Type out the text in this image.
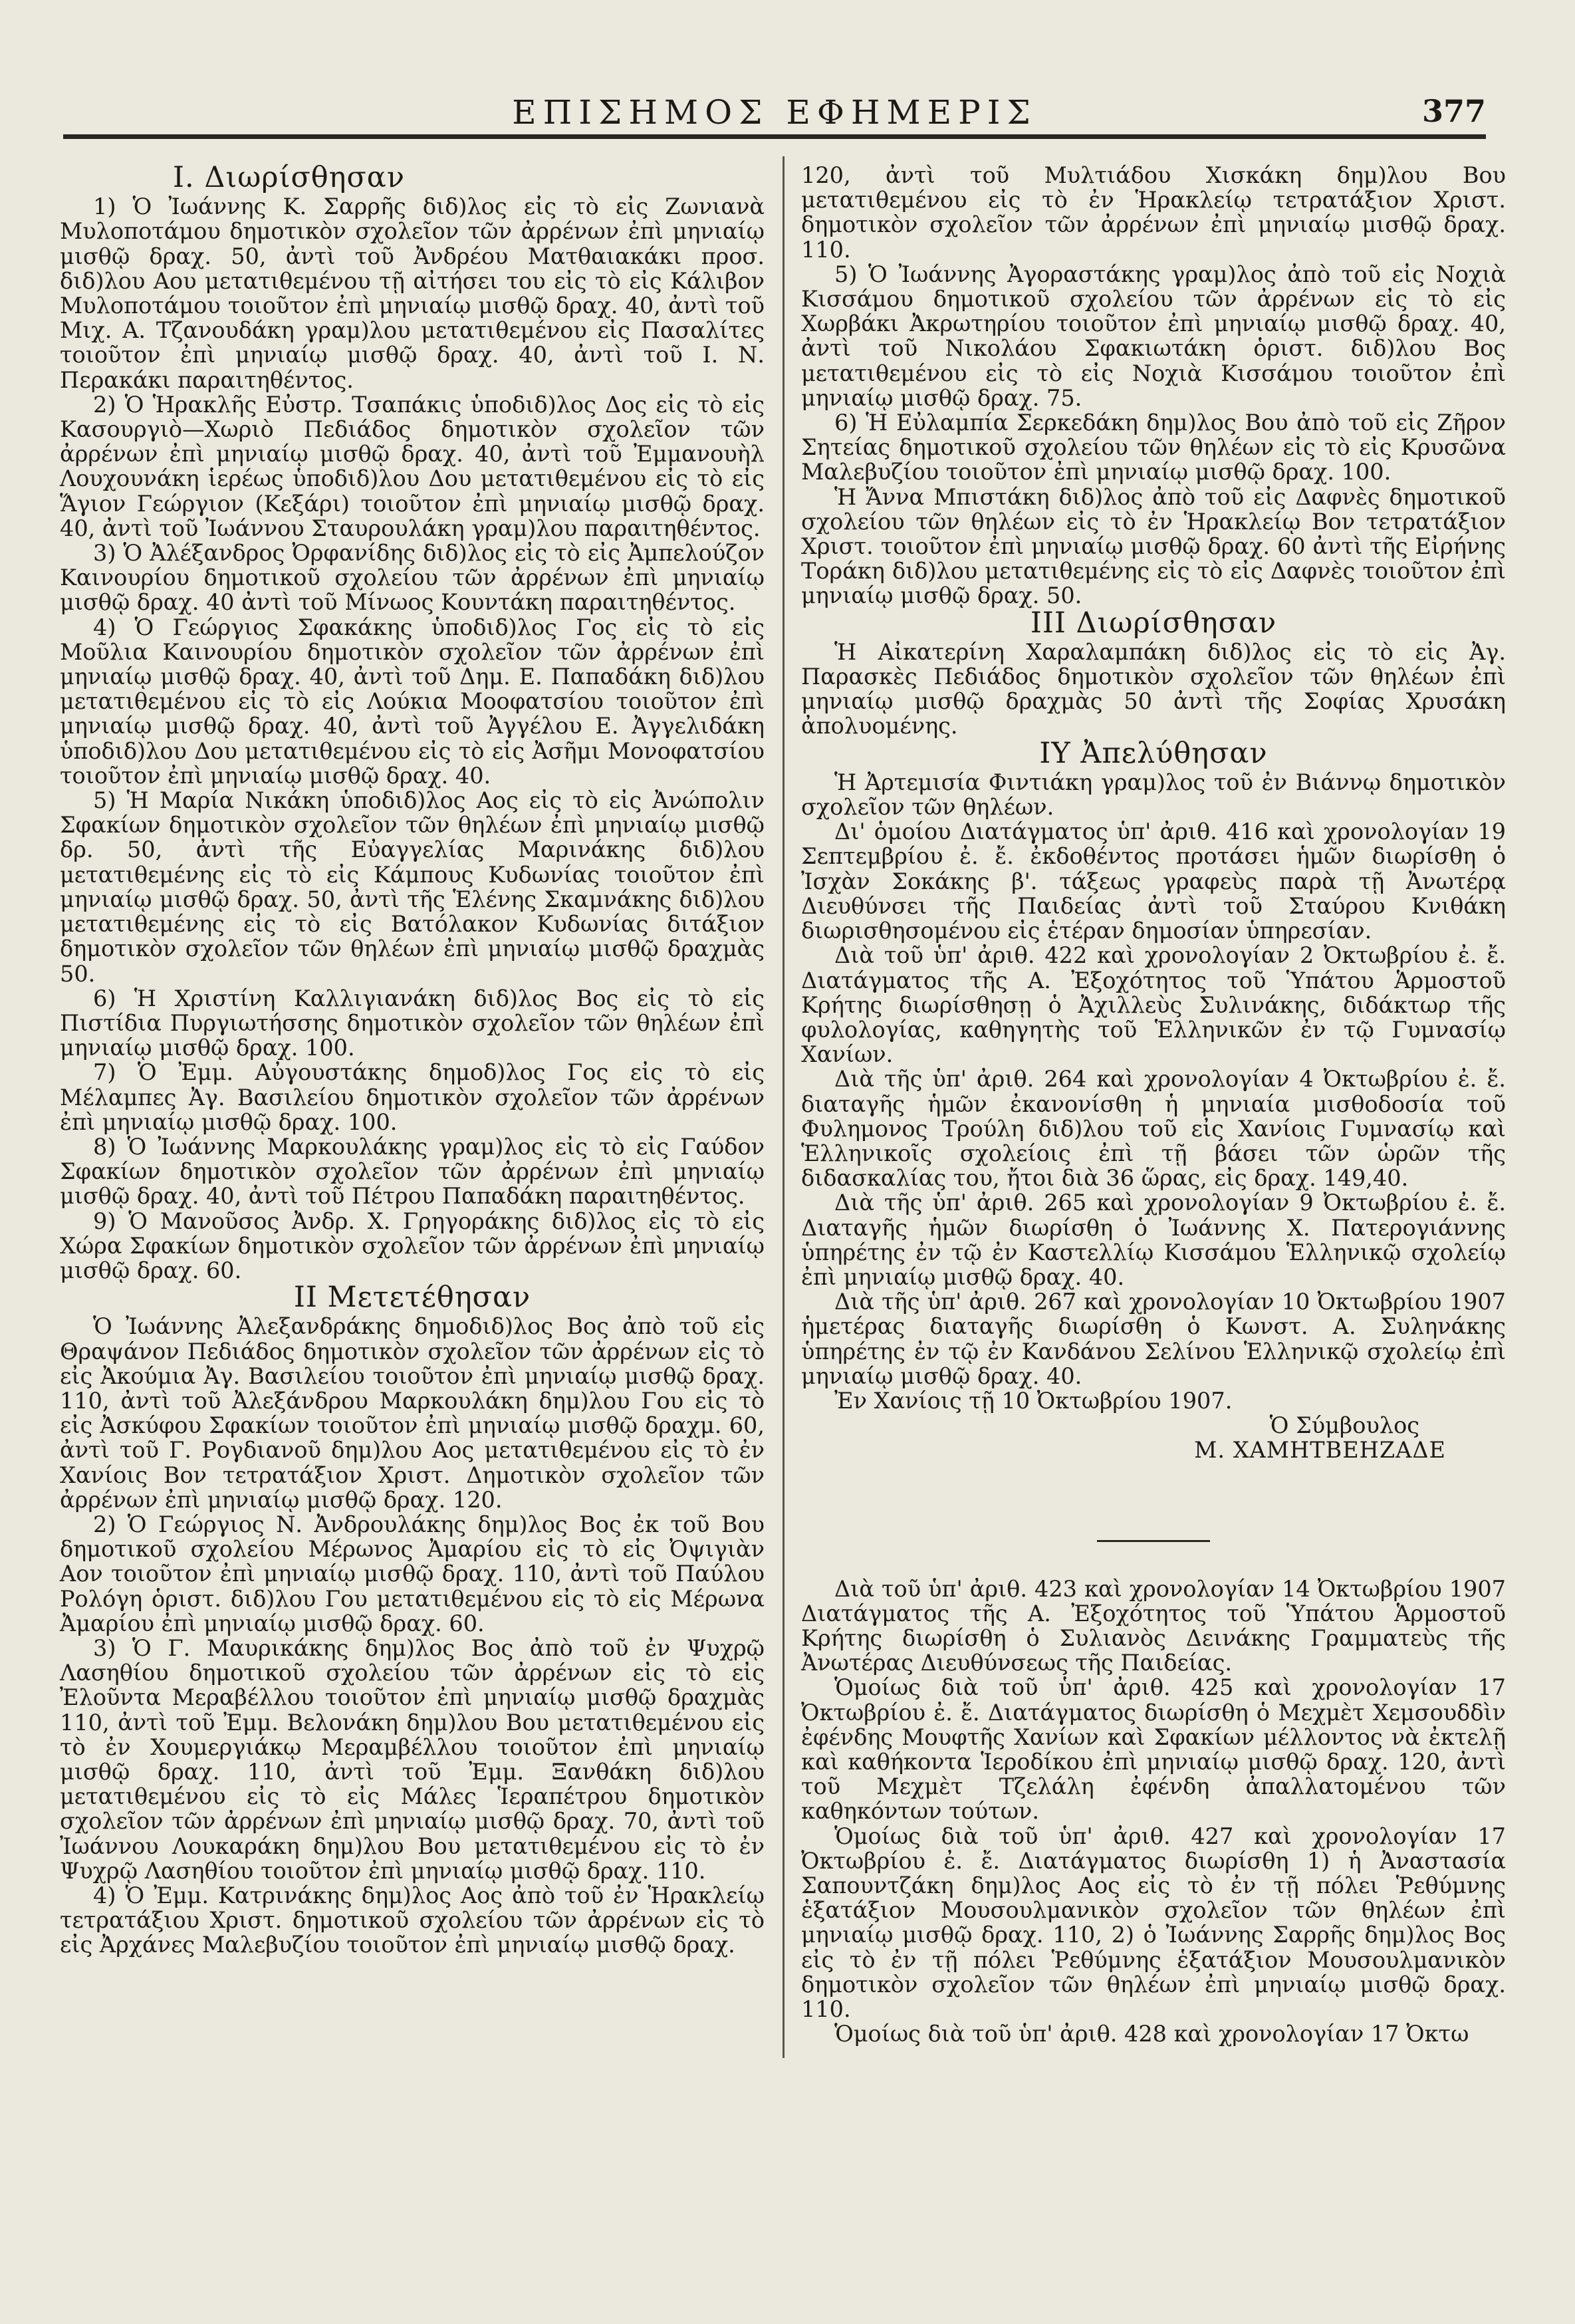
ΕΠΙΣΗΜΟΣ ΕΦΗΜΕΡΙΣ	377
Ι. Διωρίσθησαν

1) Ὁ Ἰωάννης Κ. Σαρρῆς διδ)λος εἰς τὸ εἰς Ζωνιανὰ Μυλοποτάμου δημοτικὸν σχολεῖον τῶν ἀρρένων ἐπὶ μηνιαίῳ μισθῷ δραχ. 50, ἀντὶ τοῦ Ἀνδρέου Ματθαιακάκι προσ. διδ)λου Αου μετατιθεμένου τῇ αἰτήσει του εἰς τὸ εἰς Κάλιβον Μυλοποτάμου τοιοῦτον ἐπὶ μηνιαίῳ μισθῷ δραχ. 40, ἀντὶ τοῦ Μιχ. Α. Τζανουδάκη γραμ)λου μετατιθεμένου εἰς Πασαλίτες τοιοῦτον ἐπὶ μηνιαίῳ μισθῷ δραχ. 40, ἀντὶ τοῦ Ι. Ν. Περακάκι παραιτηθέντος.

2) Ὁ Ἡρακλῆς Εὐστρ. Τσαπάκις ὑποδιδ)λος Δος εἰς τὸ εἰς Κασουργιὸ—Χωριὸ Πεδιάδος δημοτικὸν σχολεῖον τῶν ἀρρένων ἐπὶ μηνιαίῳ μισθῷ δραχ. 40, ἀντὶ τοῦ Ἐμμανουὴλ Λουχουνάκη ἱερέως ὑποδιδ)λου Δου μετατιθεμένου εἰς τὸ εἰς Ἅγιον Γεώργιον (Κεξάρι) τοιοῦτον ἐπὶ μηνιαίῳ μισθῷ δραχ. 40, ἀντὶ τοῦ Ἰωάννου Σταυρουλάκη γραμ)λου παραιτηθέντος.

3) Ὁ Ἀλέξανδρος Ὀρφανίδης διδ)λος εἰς τὸ εἰς Ἀμπελούζον Καινουρίου δημοτικοῦ σχολείου τῶν ἀρρένων ἐπὶ μηνιαίῳ μισθῷ δραχ. 40 ἀντὶ τοῦ Μίνωος Κουντάκη παραιτηθέντος.

4) Ὁ Γεώργιος Σφακάκης ὑποδιδ)λος Γος εἰς τὸ εἰς Μοῦλια Καινουρίου δημοτικὸν σχολεῖον τῶν ἀρρένων ἐπὶ μηνιαίῳ μισθῷ δραχ. 40, ἀντὶ τοῦ Δημ. Ε. Παπαδάκη διδ)λου μετατιθεμένου εἰς τὸ εἰς Λούκια Μοοφατσίου τοιοῦτον ἐπὶ μηνιαίῳ μισθῷ δραχ. 40, ἀντὶ τοῦ Ἀγγέλου Ε. Ἀγγελιδάκη ὑποδιδ)λου Δου μετατιθεμένου εἰς τὸ εἰς Ἀσῆμι Μονοφατσίου τοιοῦτον ἐπὶ μηνιαίῳ μισθῷ δραχ. 40.

5) Ἡ Μαρία Νικάκη ὑποδιδ)λος Αος εἰς τὸ εἰς Ἀνώπολιν Σφακίων δημοτικὸν σχολεῖον τῶν θηλέων ἐπὶ μηνιαίῳ μισθῷ δρ. 50, ἀντὶ τῆς Εὐαγγελίας Μαρινάκης διδ)λου μετατιθεμένης εἰς τὸ εἰς Κάμπους Κυδωνίας τοιοῦτον ἐπὶ μηνιαίῳ μισθῷ δραχ. 50, ἀντὶ τῆς Ἑλένης Σκαμνάκης διδ)λου μετατιθεμένης εἰς τὸ εἰς Βατόλακον Κυδωνίας διτάξιον δημοτικὸν σχολεῖον τῶν θηλέων ἐπὶ μηνιαίῳ μισθῷ δραχμὰς 50.

6) Ἡ Χριστίνη Καλλιγιανάκη διδ)λος Βος εἰς τὸ εἰς Πιστίδια Πυργιωτήσσης δημοτικὸν σχολεῖον τῶν θηλέων ἐπὶ μηνιαίῳ μισθῷ δραχ. 100.

7) Ὁ Ἐμμ. Αὐγουστάκης δημοδ)λος Γος εἰς τὸ εἰς Μέλαμπες Ἀγ. Βασιλείου δημοτικὸν σχολεῖον τῶν ἀρρένων ἐπὶ μηνιαίῳ μισθῷ δραχ. 100.

8) Ὁ Ἰωάννης Μαρκουλάκης γραμ)λος εἰς τὸ εἰς Γαύδον Σφακίων δημοτικὸν σχολεῖον τῶν ἀρρένων ἐπὶ μηνιαίῳ μισθῷ δραχ. 40, ἀντὶ τοῦ Πέτρου Παπαδάκη παραιτηθέντος.

9) Ὁ Μανοῦσος Ἀνδρ. Χ. Γρηγοράκης διδ)λος εἰς τὸ εἰς Χώρα Σφακίων δημοτικὸν σχολεῖον τῶν ἀρρένων ἐπὶ μηνιαίῳ μισθῷ δραχ. 60.

ΙΙ Μετετέθησαν

Ὁ Ἰωάννης Ἀλεξανδράκης δημοδιδ)λος Βος ἀπὸ τοῦ εἰς Θραψάνον Πεδιάδος δημοτικὸν σχολεῖον τῶν ἀρρένων εἰς τὸ εἰς Ἀκούμια Ἀγ. Βασιλείου τοιοῦτον ἐπὶ μηνιαίῳ μισθῷ δραχ. 110, ἀντὶ τοῦ Ἀλεξάνδρου Μαρκουλάκη δημ)λου Γου εἰς τὸ εἰς Ἀσκύφου Σφακίων τοιοῦτον ἐπὶ μηνιαίῳ μισθῷ δραχμ. 60, ἀντὶ τοῦ Γ. Ρογδιανοῦ δημ)λου Αος μετατιθεμένου εἰς τὸ ἐν Χανίοις Βον τετρατάξιον Χριστ. Δημοτικὸν σχολεῖον τῶν ἀρρένων ἐπὶ μηνιαίῳ μισθῷ δραχ. 120.

2) Ὁ Γεώργιος Ν. Ἀνδρουλάκης δημ)λος Βος ἐκ τοῦ Βου δημοτικοῦ σχολείου Μέρωνος Ἀμαρίου εἰς τὸ εἰς Ὀψιγιὰν Αον τοιοῦτον ἐπὶ μηνιαίῳ μισθῷ δραχ. 110, ἀντὶ τοῦ Παύλου Ρολόγη ὁριστ. διδ)λου Γου μετατιθεμένου εἰς τὸ εἰς Μέρωνα Ἀμαρίου ἐπὶ μηνιαίῳ μισθῷ δραχ. 60.

3) Ὁ Γ. Μαυρικάκης δημ)λος Βος ἀπὸ τοῦ ἐν Ψυχρῷ Λασηθίου δημοτικοῦ σχολείου τῶν ἀρρένων εἰς τὸ εἰς Ἐλοῦντα Μεραβέλλου τοιοῦτον ἐπὶ μηνιαίῳ μισθῷ δραχμὰς 110, ἀντὶ τοῦ Ἐμμ. Βελονάκη δημ)λου Βου μετατιθεμένου εἰς τὸ ἐν Χουμεργιάκῳ Μεραμβέλλου τοιοῦτον ἐπὶ μηνιαίῳ μισθῷ δραχ. 110, ἀντὶ τοῦ Ἐμμ. Ξανθάκη διδ)λου μετατιθεμένου εἰς τὸ εἰς Μάλες Ἱεραπέτρου δημοτικὸν σχολεῖον τῶν ἀρρένων ἐπὶ μηνιαίῳ μισθῷ δραχ. 70, ἀντὶ τοῦ Ἰωάννου Λουκαράκη δημ)λου Βου μετατιθεμένου εἰς τὸ ἐν Ψυχρῷ Λασηθίου τοιοῦτον ἐπὶ μηνιαίῳ μισθῷ δραχ. 110.

4) Ὁ Ἐμμ. Κατρινάκης δημ)λος Αος ἀπὸ τοῦ ἐν Ἡρακλείῳ τετρατάξιου Χριστ. δημοτικοῦ σχολείου τῶν ἀρρένων εἰς τὸ εἰς Ἀρχάνες Μαλεβυζίου τοιοῦτον ἐπὶ μηνιαίῳ μισθῷ δραχ.

120, ἀντὶ τοῦ Μυλτιάδου Χισκάκη δημ)λου Βου μετατιθεμένου εἰς τὸ ἐν Ἡρακλείῳ τετρατάξιον Χριστ. δημοτικὸν σχολεῖον τῶν ἀρρένων ἐπὶ μηνιαίῳ μισθῷ δραχ. 110.

5) Ὁ Ἰωάννης Ἀγοραστάκης γραμ)λος ἀπὸ τοῦ εἰς Νοχιὰ Κισσάμου δημοτικοῦ σχολείου τῶν ἀρρένων εἰς τὸ εἰς Χωρβάκι Ἀκρωτηρίου τοιοῦτον ἐπὶ μηνιαίῳ μισθῷ δραχ. 40, ἀντὶ τοῦ Νικολάου Σφακιωτάκη ὁριστ. διδ)λου Βος μετατιθεμένου εἰς τὸ εἰς Νοχιὰ Κισσάμου τοιοῦτον ἐπὶ μηνιαίῳ μισθῷ δραχ. 75.

6) Ἡ Εὐλαμπία Σερκεδάκη δημ)λος Βου ἀπὸ τοῦ εἰς Ζῆρον Σητείας δημοτικοῦ σχολείου τῶν θηλέων εἰς τὸ εἰς Κρυσῶνα Μαλεβυζίου τοιοῦτον ἐπὶ μηνιαίῳ μισθῷ δραχ. 100.

Ἡ Ἄννα Μπιστάκη διδ)λος ἀπὸ τοῦ εἰς Δαφνὲς δημοτικοῦ σχολείου τῶν θηλέων εἰς τὸ ἐν Ἡρακλείῳ Βον τετρατάξιον Χριστ. τοιοῦτον ἐπὶ μηνιαίῳ μισθῷ δραχ. 60 ἀντὶ τῆς Εἰρήνης Τοράκη διδ)λου μετατιθεμένης εἰς τὸ εἰς Δαφνὲς τοιοῦτον ἐπὶ μηνιαίῳ μισθῷ δραχ. 50.

ΙΙΙ Διωρίσθησαν

Ἡ Αἰκατερίνη Χαραλαμπάκη διδ)λος εἰς τὸ εἰς Ἀγ. Παρασκὲς Πεδιάδος δημοτικὸν σχολεῖον τῶν θηλέων ἐπὶ μηνιαίῳ μισθῷ δραχμὰς 50 ἀντὶ τῆς Σοφίας Χρυσάκη ἀπολυομένης.

ΙΥ Ἀπελύθησαν

Ἡ Ἀρτεμισία Φιντιάκη γραμ)λος τοῦ ἐν Βιάννῳ δημοτικὸν σχολεῖον τῶν θηλέων.

Δι' ὁμοίου Διατάγματος ὑπ' ἀριθ. 416 καὶ χρονολογίαν 19 Σεπτεμβρίου ἐ. ἔ. ἐκδοθέντος προτάσει ἡμῶν διωρίσθη ὁ Ἰσχὰν Σοκάκης β'. τάξεως γραφεὺς παρὰ τῇ Ἀνωτέρᾳ Διευθύνσει τῆς Παιδείας ἀντὶ τοῦ Σταύρου Κνιθάκη διωρισθησομένου εἰς ἑτέραν δημοσίαν ὑπηρεσίαν.

Διὰ τοῦ ὑπ' ἀριθ. 422 καὶ χρονολογίαν 2 Ὀκτωβρίου ἐ. ἔ. Διατάγματος τῆς Α. Ἐξοχότητος τοῦ Ὑπάτου Ἁρμοστοῦ Κρήτης διωρίσθησῃ ὁ Ἀχιλλεὺς Συλινάκης, διδάκτωρ τῆς φυλολογίας, καθηγητὴς τοῦ Ἑλληνικῶν ἐν τῷ Γυμνασίῳ Χανίων.

Διὰ τῆς ὑπ' ἀριθ. 264 καὶ χρονολογίαν 4 Ὀκτωβρίου ἐ. ἔ. διαταγῆς ἡμῶν ἐκανονίσθη ἡ μηνιαία μισθοδοσία τοῦ Φυλημονος Τρούλη διδ)λου τοῦ εἰς Χανίοις Γυμνασίῳ καὶ Ἑλληνικοῖς σχολείοις ἐπὶ τῇ βάσει τῶν ὡρῶν τῆς διδασκαλίας του, ἤτοι διὰ 36 ὥρας, εἰς δραχ. 149,40.

Διὰ τῆς ὑπ' ἀριθ. 265 καὶ χρονολογίαν 9 Ὀκτωβρίου ἐ. ἔ. Διαταγῆς ἡμῶν διωρίσθη ὁ Ἰωάννης Χ. Πατερογιάννης ὑπηρέτης ἐν τῷ ἐν Καστελλίῳ Κισσάμου Ἑλληνικῷ σχολείῳ ἐπὶ μηνιαίῳ μισθῷ δραχ. 40.

Διὰ τῆς ὑπ' ἀριθ. 267 καὶ χρονολογίαν 10 Ὀκτωβρίου 1907 ἡμετέρας διαταγῆς διωρίσθη ὁ Κωνστ. Α. Συληνάκης ὑπηρέτης ἐν τῷ ἐν Κανδάνου Σελίνου Ἑλληνικῷ σχολείῳ ἐπὶ μηνιαίῳ μισθῷ δραχ. 40.

Ἐν Χανίοις τῇ 10 Ὀκτωβρίου 1907.

Ὁ Σύμβουλος

Μ. ΧΑΜΗΤΒΕΗΖΑΔΕ

Διὰ τοῦ ὑπ' ἀριθ. 423 καὶ χρονολογίαν 14 Ὀκτωβρίου 1907 Διατάγματος τῆς Α. Ἐξοχότητος τοῦ Ὑπάτου Ἁρμοστοῦ Κρήτης διωρίσθη ὁ Συλιανὸς Δεινάκης Γραμματεὺς τῆς Ἀνωτέρας Διευθύνσεως τῆς Παιδείας.

Ὁμοίως διὰ τοῦ ὑπ' ἀριθ. 425 καὶ χρονολογίαν 17 Ὀκτωβρίου ἐ. ἔ. Διατάγματος διωρίσθη ὁ Μεχμὲτ Χεμσουδδὶν ἐφένδης Μουφτῆς Χανίων καὶ Σφακίων μέλλοντος νὰ ἐκτελῇ καὶ καθήκοντα Ἱεροδίκου ἐπὶ μηνιαίῳ μισθῷ δραχ. 120, ἀντὶ τοῦ Μεχμὲτ Τζελάλη ἐφένδη ἀπαλλατομένου τῶν καθηκόντων τούτων.

Ὁμοίως διὰ τοῦ ὑπ' ἀριθ. 427 καὶ χρονολογίαν 17 Ὀκτωβρίου ἐ. ἔ. Διατάγματος διωρίσθη 1) ἡ Ἀναστασία Σαπουντζάκη δημ)λος Αος εἰς τὸ ἐν τῇ πόλει Ῥεθύμνης ἑξατάξιον Μουσουλμανικὸν σχολεῖον τῶν θηλέων ἐπὶ μηνιαίῳ μισθῷ δραχ. 110, 2) ὁ Ἰωάννης Σαρρῆς δημ)λος Βος εἰς τὸ ἐν τῇ πόλει Ῥεθύμνης ἑξατάξιον Μουσουλμανικὸν δημοτικὸν σχολεῖον τῶν θηλέων ἐπὶ μηνιαίῳ μισθῷ δραχ. 110.

Ὁμοίως διὰ τοῦ ὑπ' ἀριθ. 428 καὶ χρονολογίαν 17 Ὀκτω
